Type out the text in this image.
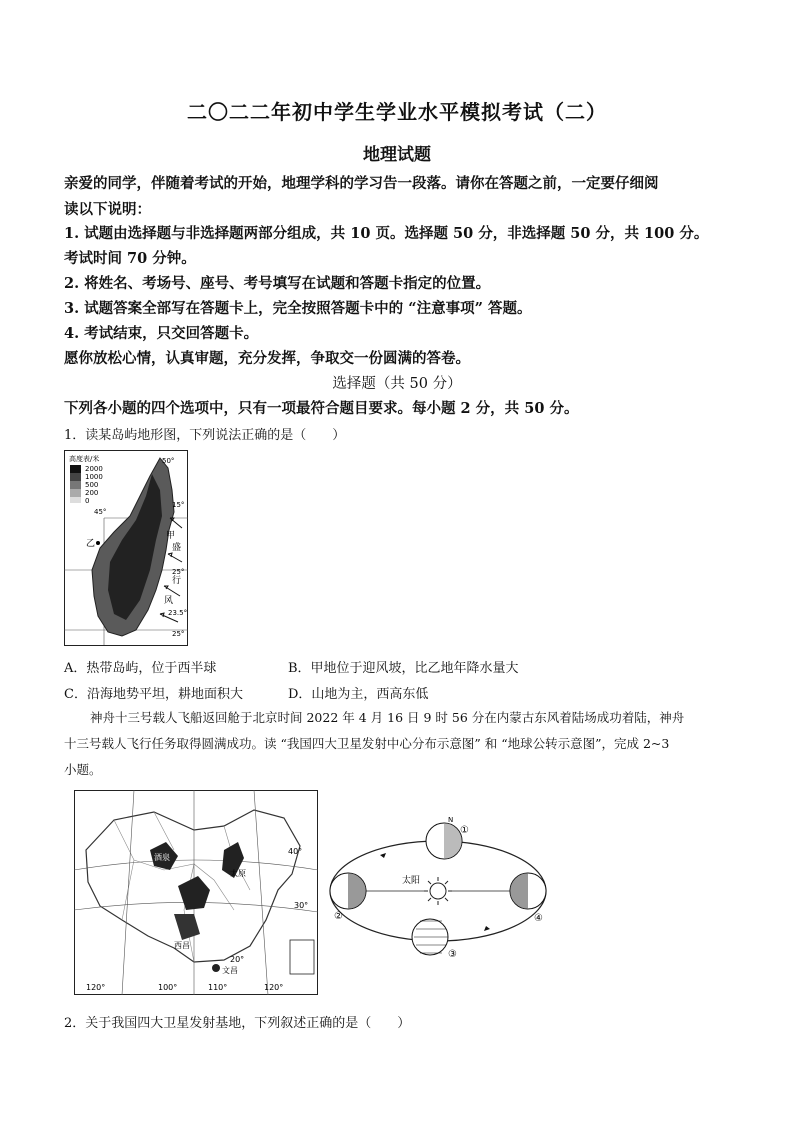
二〇二二年初中学生学业水平模拟考试（二）
地理试题
亲爱的同学，伴随着考试的开始，地理学科的学习告一段落。请你在答题之前，一定要仔细阅
读以下说明：
1. 试题由选择题与非选择题两部分组成，共 10 页。选择题 50 分，非选择题 50 分，共 100 分。
考试时间 70 分钟。
2. 将姓名、考场号、座号、考号填写在试题和答题卡指定的位置。
3. 试题答案全部写在答题卡上，完全按照答题卡中的 “注意事项” 答题。
4. 考试结束，只交回答题卡。
愿你放松心情，认真审题，充分发挥，争取交一份圆满的答卷。
选择题（共 50 分）
下列各小题的四个选项中，只有一项最符合题目要求。每小题 2 分，共 50 分。
1．读某岛屿地形图，下列说法正确的是（　　）
高度表/米
2000
1000
500
200
0
50°
15°
25°
23.5°
25°
45°
乙
甲
盛
行
风
A．热带岛屿，位于西半球	B．甲地位于迎风坡，比乙地年降水量大
C．沿海地势平坦，耕地面积大	D．山地为主，西高东低
神舟十三号载人飞船返回舱于北京时间 2022 年 4 月 16 日 9 时 56 分在内蒙古东风着陆场成功着陆，神舟
十三号载人飞行任务取得圆满成功。读 “我国四大卫星发射中心分布示意图” 和 “地球公转示意图”，完成 2~3
小题。
酒泉
太原
西昌
文昌
40°
30°
20°
120°	100°	110°	120°
太阳
①
②
③
④
N
2．关于我国四大卫星发射基地，下列叙述正确的是（　　）
